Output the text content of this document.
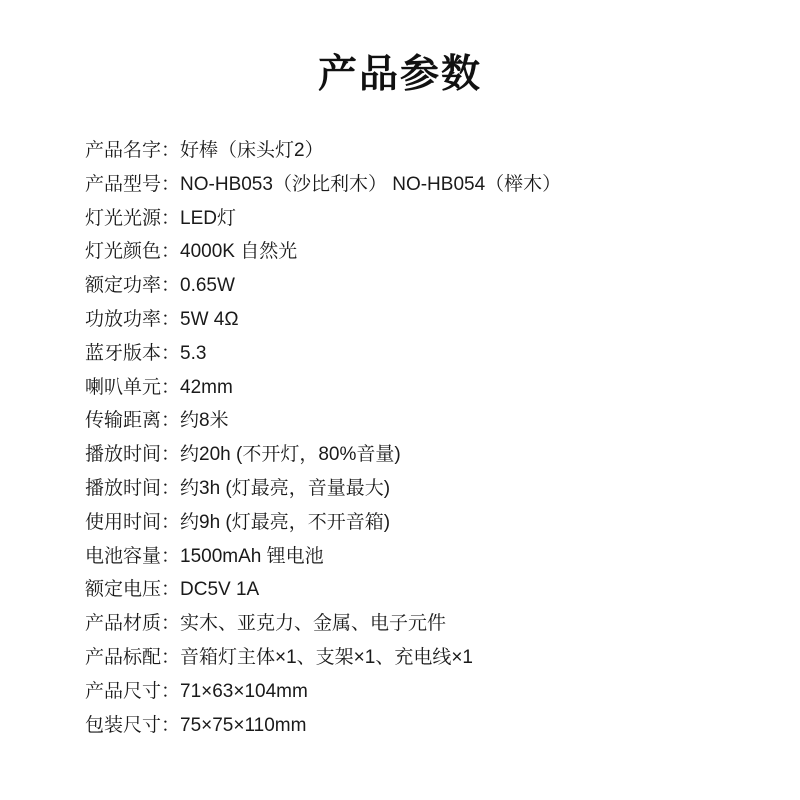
产品参数
产品名字：好棒（床头灯2）
产品型号：NO-HB053（沙比利木） NO-HB054（榉木）
灯光光源：LED灯
灯光颜色：4000K 自然光
额定功率：0.65W
功放功率：5W 4Ω
蓝牙版本：5.3
喇叭单元：42mm
传输距离：约8米
播放时间：约20h (不开灯，80%音量)
播放时间：约3h (灯最亮，音量最大)
使用时间：约9h (灯最亮，不开音箱)
电池容量：1500mAh 锂电池
额定电压：DC5V 1A
产品材质：实木、亚克力、金属、电子元件
产品标配：音箱灯主体×1、支架×1、充电线×1
产品尺寸：71×63×104mm
包装尺寸：75×75×110mm
